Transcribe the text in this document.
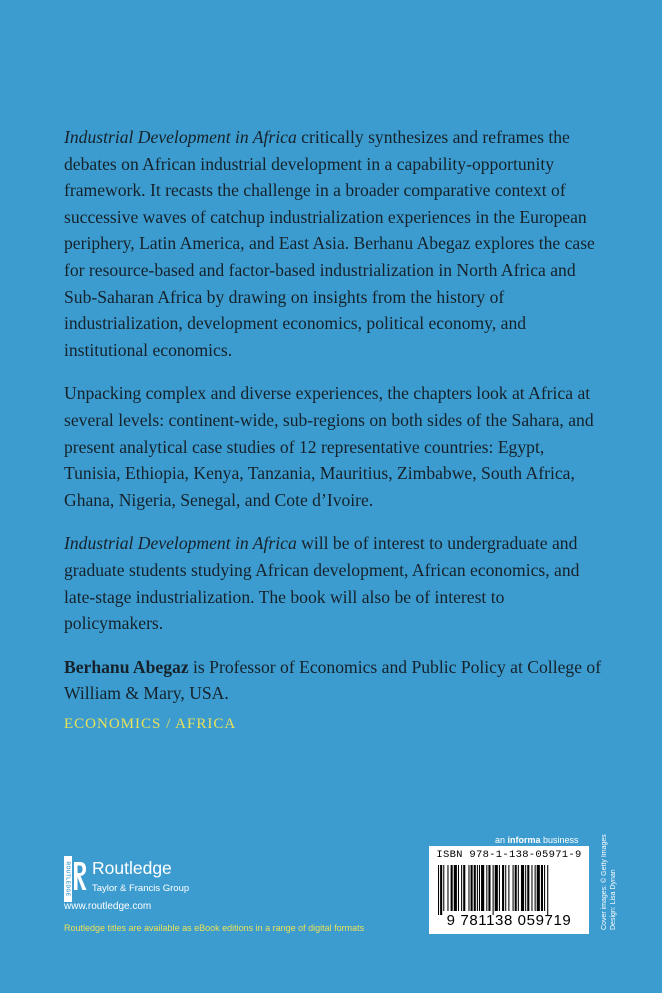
Industrial Development in Africa critically synthesizes and reframes the debates on African industrial development in a capability-opportunity framework. It recasts the challenge in a broader comparative context of successive waves of catchup industrialization experiences in the European periphery, Latin America, and East Asia. Berhanu Abegaz explores the case for resource-based and factor-based industrialization in North Africa and Sub-Saharan Africa by drawing on insights from the history of industrialization, development economics, political economy, and institutional economics.

Unpacking complex and diverse experiences, the chapters look at Africa at several levels: continent-wide, sub-regions on both sides of the Sahara, and present analytical case studies of 12 representative countries: Egypt, Tunisia, Ethiopia, Kenya, Tanzania, Mauritius, Zimbabwe, South Africa, Ghana, Nigeria, Senegal, and Cote d’Ivoire.

Industrial Development in Africa will be of interest to undergraduate and graduate students studying African development, African economics, and late-stage industrialization. The book will also be of interest to policymakers.

Berhanu Abegaz is Professor of Economics and Public Policy at College of William & Mary, USA.

ECONOMICS / AFRICA
ROUTLEDGE Routledge
Taylor & Francis Group
www.routledge.com
Routledge titles are available as eBook editions in a range of digital formats
an informa business
ISBN 978-1-138-05971-9
9 781138 059719	Cover images: © Getty Images Design: Lisa Dynan
